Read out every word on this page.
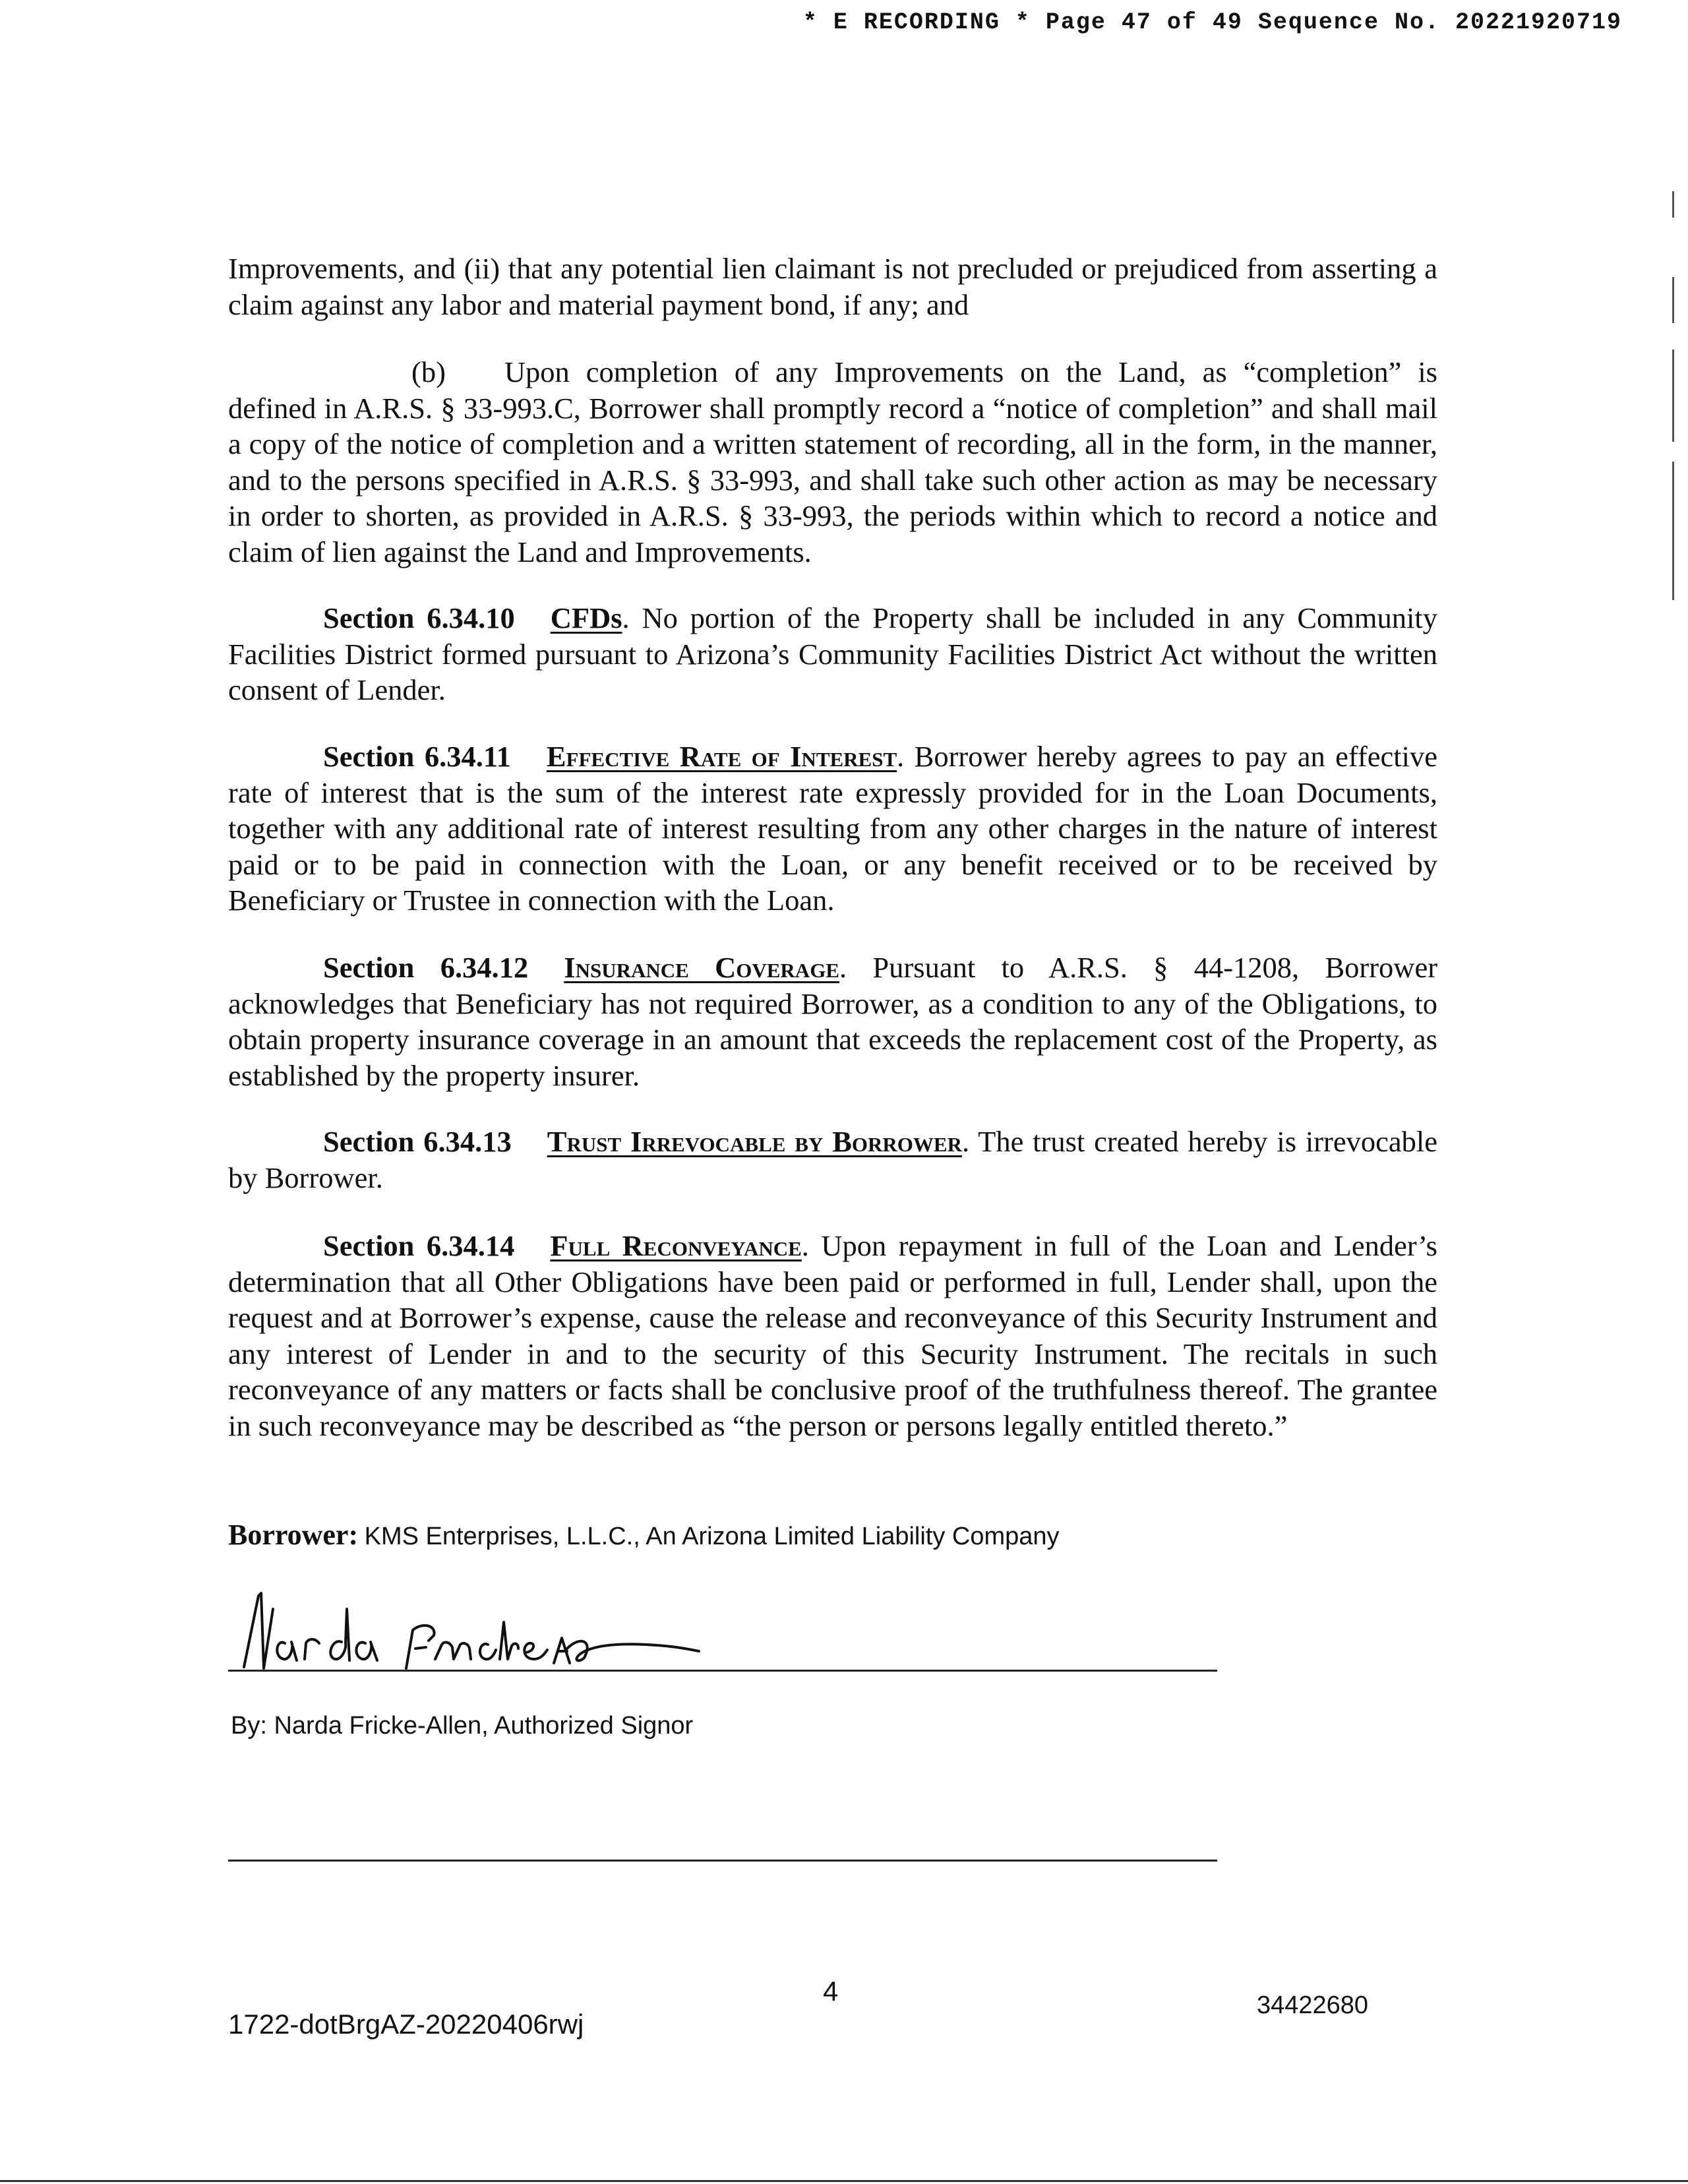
* E RECORDING * Page 47 of 49 Sequence No. 20221920719

Improvements, and (ii) that any potential lien claimant is not precluded or prejudiced from asserting a claim against any labor and material payment bond, if any; and

(b)  Upon completion of any Improvements on the Land, as “completion” is defined in A.R.S. § 33-993.C, Borrower shall promptly record a “notice of completion” and shall mail a copy of the notice of completion and a written statement of recording, all in the form, in the manner, and to the persons specified in A.R.S. § 33-993, and shall take such other action as may be necessary in order to shorten, as provided in A.R.S. § 33-993, the periods within which to record a notice and claim of lien against the Land and Improvements.

Section 6.34.10 CFDs. No portion of the Property shall be included in any Community Facilities District formed pursuant to Arizona’s Community Facilities District Act without the written consent of Lender.

Section 6.34.11 Effective Rate of Interest. Borrower hereby agrees to pay an effective rate of interest that is the sum of the interest rate expressly provided for in the Loan Documents, together with any additional rate of interest resulting from any other charges in the nature of interest paid or to be paid in connection with the Loan, or any benefit received or to be received by Beneficiary or Trustee in connection with the Loan.

Section 6.34.12 Insurance Coverage. Pursuant to A.R.S. § 44-1208, Borrower acknowledges that Beneficiary has not required Borrower, as a condition to any of the Obligations, to obtain property insurance coverage in an amount that exceeds the replacement cost of the Property, as established by the property insurer.

Section 6.34.13 Trust Irrevocable by Borrower. The trust created hereby is irrevocable by Borrower.

Section 6.34.14 Full Reconveyance. Upon repayment in full of the Loan and Lender’s determination that all Other Obligations have been paid or performed in full, Lender shall, upon the request and at Borrower’s expense, cause the release and reconveyance of this Security Instrument and any interest of Lender in and to the security of this Security Instrument. The recitals in such reconveyance of any matters or facts shall be conclusive proof of the truthfulness thereof. The grantee in such reconveyance may be described as “the person or persons legally entitled thereto.”

Borrower: KMS Enterprises, L.L.C., An Arizona Limited Liability Company
By: Narda Fricke-Allen, Authorized Signor
1722-dotBrgAZ-20220406rwj
4	34422680
